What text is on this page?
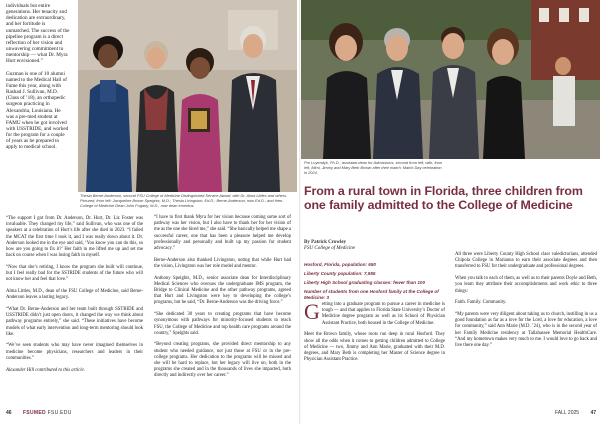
individuals but entire generations. Her tenacity and dedication are extraordinary, and her fortitude is unmatched. The success of the pipeline program is a direct reflection of her vision and unwavering commitment to mentorship — what Dr. Myra Hurt envisioned.”

Guzman is one of 10 alumni named to the Medical Hall of Fame this year, along with Rashad J. Sullivan, M.D. (Class of ’18), an orthopedic surgeon practicing in Alexandria, Louisiana. He was a pre-med student at FAMU when he got involved with USSTRIDE, and worked for the program for a couple of years as he prepared to apply to medical school.

Thesla Berne-Anderson, second FSU College of Medicine Distinguished Service Award, with Dr. Alma Littles and others. Pictured, from left: Jacqueline Brown Speights, M.D.; Thesla Livingston, Ed.D.; Berne-Anderson, now Ed.D.; and then-College of Medicine Dean John Fogarty, M.D., now dean emeritus.

“The support I got from Dr. Anderson, Dr. Hurt, Dr. Liz Foster was invaluable. They changed my life,” said Sullivan, who was one of the speakers at a celebration of Hurt’s life after she died in 2023. “I failed the MCAT the first time I took it, and I was really down about it. Dr. Anderson looked me in the eye and said, ‘You know you can do this, so how are you going to fix it?’ Her faith in me lifted me up and set me back on course when I was losing faith in myself.

“Now that she’s retiring, I know the program she built will continue, but I feel really bad for the SSTRIDE students of the future who will not know her and feel that love.”

Alma Littles, M.D., dean of the FSU College of Medicine, said Berne-Anderson leaves a lasting legacy.

“What Dr. Berne-Anderson and her team built through SSTRIDE and USSTRIDE didn’t just open doors, it changed the way we think about pathway programs entirely,” she said. “These initiatives have become models of what early intervention and long-term mentoring should look like.

“We’ve seen students who may have never imagined themselves in medicine become physicians, researchers and leaders in their communities.”

Alexander Hill contributed to this article.

“I have to first thank Myra for her vision because coming some sort of pathway was her vision, but I also have to thank her for her vision of me as the one she hired me,” she said. “She basically helped me shape a successful career, one that has been a pleasure helped me develop professionally and personally and built up my passion for student advocacy.”

Berne-Anderson also thanked Livingston, noting that while Hurt had the vision, Livingston was her role model and mentor.

Anthony Speights, M.D., senior associate dean for Interdisciplinary Medical Sciences who oversaw the undergraduate IMS program, the Bridge to Clinical Medicine and the other pathway programs, agreed that Hurt and Livingston were key to developing the college’s programs, but he said, “Dr. Berne-Anderson was the driving force.”

“She dedicated 30 years to creating programs that have become synonymous with pathways for minority-focused students to reach FSU, the College of Medicine and top health care programs around the country,” Speights said.

“Beyond creating programs, she provided direct mentorship to any student who needed guidance, not just those at FSU or in the pre-college programs. Her dedication to the programs will be missed and she will be hard to replace, but her legacy will live on, both in the programs she created and in the thousands of lives she impacted, both directly and indirectly over her career.”

46 FSUMED FSU.EDU

Pro Luyendyk, Ph.D., assistant dean for Admissions, second from left, with, from left, Mimi, Jimmy and Mary Beth Brown after their match. Match Day celebration in 2024.

From a rural town in Florida, three children from one family admitted to the College of Medicine
By Patrick Crowley
FSU College of Medicine
Hosford, Florida, population: 650
Liberty County population: 7,955
Liberty High School graduating classes: fewer than 100
Number of students from one Hosford family at the College of Medicine: 3

Getting into a graduate program to pursue a career in medicine is tough — and that applies to Florida State University’s Doctor of Medicine degree program as well as its School of Physician Assistant Practice, both housed in the College of Medicine.

Meet the Brown family, whose roots run deep in rural Hosford. They show all the odds when it comes to getting children admitted to College of Medicine — two, Jimmy and Ann Marie, graduated with their M.D. degrees, and Mary Beth is completing her Master of Science degree in Physician Assistant Practice.

All three were Liberty County High School class valedictorians, attended Chipola College in Marianna to earn their associate degrees and then transferred to FSU for their undergraduate and professional degrees.

When you talk to each of them, as well as to their parents Doyle and Beth, you learn they attribute their accomplishments and work ethic to three things:

Faith. Family. Community.

“My parents were very diligent about taking us to church, instilling in us a good foundation as far as a love for the Lord, a love for education, a love for community,” said Ann Marie (M.D. ’24), who is in the second year of her Family Medicine residency at Tallahassee Memorial HealthCare. “And my hometown makes very much to me. I would love to go back and live there one day.”

FALL 2025 47
